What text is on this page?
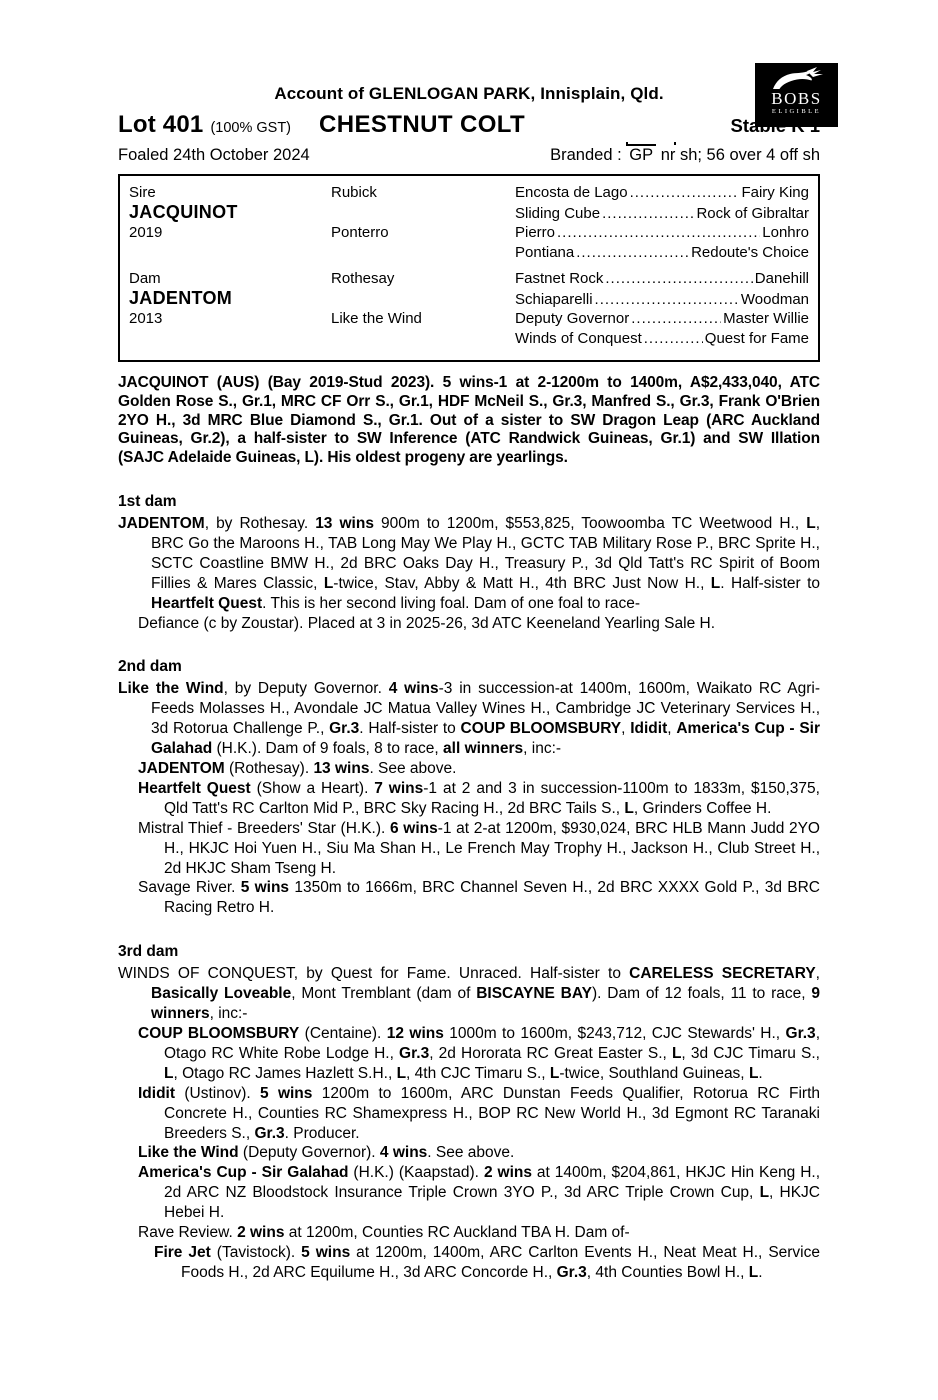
BOBS
ELIGIBLE
Account of GLENLOGAN PARK, Innisplain, Qld.
Lot 401 (100% GST) CHESTNUT COLT	Stable K 1
Foaled 24th October 2024	Branded : GP nr sh; 56 over 4 off sh
Sire	Rubick	Encosta de Lago .....	Fairy King
JACQUINOT	Sliding Cube .....	Rock of Gibraltar
2019	Ponterro	Pierro .....	Lonhro
Pontiana .....	Redoute's Choice
Dam	Rothesay	Fastnet Rock .....	Danehill
JADENTOM	Schiaparelli .....	Woodman
2013	Like the Wind	Deputy Governor .....	Master Willie
Winds of Conquest .....	Quest for Fame
JACQUINOT (AUS) (Bay 2019-Stud 2023). 5 wins-1 at 2-1200m to 1400m, A$2,433,040, ATC Golden Rose S., Gr.1, MRC CF Orr S., Gr.1, HDF McNeil S., Gr.3, Manfred S., Gr.3, Frank O'Brien 2YO H., 3d MRC Blue Diamond S., Gr.1. Out of a sister to SW Dragon Leap (ARC Auckland Guineas, Gr.2), a half-sister to SW Inference (ATC Randwick Guineas, Gr.1) and SW Illation (SAJC Adelaide Guineas, L). His oldest progeny are yearlings.
1st dam
JADENTOM, by Rothesay. 13 wins 900m to 1200m, $553,825, Toowoomba TC Weetwood H., L, BRC Go the Maroons H., TAB Long May We Play H., GCTC TAB Military Rose P., BRC Sprite H., SCTC Coastline BMW H., 2d BRC Oaks Day H., Treasury P., 3d Qld Tatt's RC Spirit of Boom Fillies & Mares Classic, L-twice, Stav, Abby & Matt H., 4th BRC Just Now H., L. Half-sister to Heartfelt Quest. This is her second living foal. Dam of one foal to race-
Defiance (c by Zoustar). Placed at 3 in 2025-26, 3d ATC Keeneland Yearling Sale H.
2nd dam
Like the Wind, by Deputy Governor. 4 wins-3 in succession-at 1400m, 1600m, Waikato RC Agri-Feeds Molasses H., Avondale JC Matua Valley Wines H., Cambridge JC Veterinary Services H., 3d Rotorua Challenge P., Gr.3. Half-sister to COUP BLOOMSBURY, Ididit, America's Cup - Sir Galahad (H.K.). Dam of 9 foals, 8 to race, all winners, inc:-
JADENTOM (Rothesay). 13 wins. See above.
Heartfelt Quest (Show a Heart). 7 wins-1 at 2 and 3 in succession-1100m to 1833m, $150,375, Qld Tatt's RC Carlton Mid P., BRC Sky Racing H., 2d BRC Tails S., L, Grinders Coffee H.
Mistral Thief - Breeders' Star (H.K.). 6 wins-1 at 2-at 1200m, $930,024, BRC HLB Mann Judd 2YO H., HKJC Hoi Yuen H., Siu Ma Shan H., Le French May Trophy H., Jackson H., Club Street H., 2d HKJC Sham Tseng H.
Savage River. 5 wins 1350m to 1666m, BRC Channel Seven H., 2d BRC XXXX Gold P., 3d BRC Racing Retro H.
3rd dam
WINDS OF CONQUEST, by Quest for Fame. Unraced. Half-sister to CARELESS SECRETARY, Basically Loveable, Mont Tremblant (dam of BISCAYNE BAY). Dam of 12 foals, 11 to race, 9 winners, inc:-
COUP BLOOMSBURY (Centaine). 12 wins 1000m to 1600m, $243,712, CJC Stewards' H., Gr.3, Otago RC White Robe Lodge H., Gr.3, 2d Hororata RC Great Easter S., L, 3d CJC Timaru S., L, Otago RC James Hazlett S.H., L, 4th CJC Timaru S., L-twice, Southland Guineas, L.
Ididit (Ustinov). 5 wins 1200m to 1600m, ARC Dunstan Feeds Qualifier, Rotorua RC Firth Concrete H., Counties RC Shamexpress H., BOP RC New World H., 3d Egmont RC Taranaki Breeders S., Gr.3. Producer.
Like the Wind (Deputy Governor). 4 wins. See above.
America's Cup - Sir Galahad (H.K.) (Kaapstad). 2 wins at 1400m, $204,861, HKJC Hin Keng H., 2d ARC NZ Bloodstock Insurance Triple Crown 3YO P., 3d ARC Triple Crown Cup, L, HKJC Hebei H.
Rave Review. 2 wins at 1200m, Counties RC Auckland TBA H. Dam of-
Fire Jet (Tavistock). 5 wins at 1200m, 1400m, ARC Carlton Events H., Neat Meat H., Service Foods H., 2d ARC Equilume H., 3d ARC Concorde H., Gr.3, 4th Counties Bowl H., L.
